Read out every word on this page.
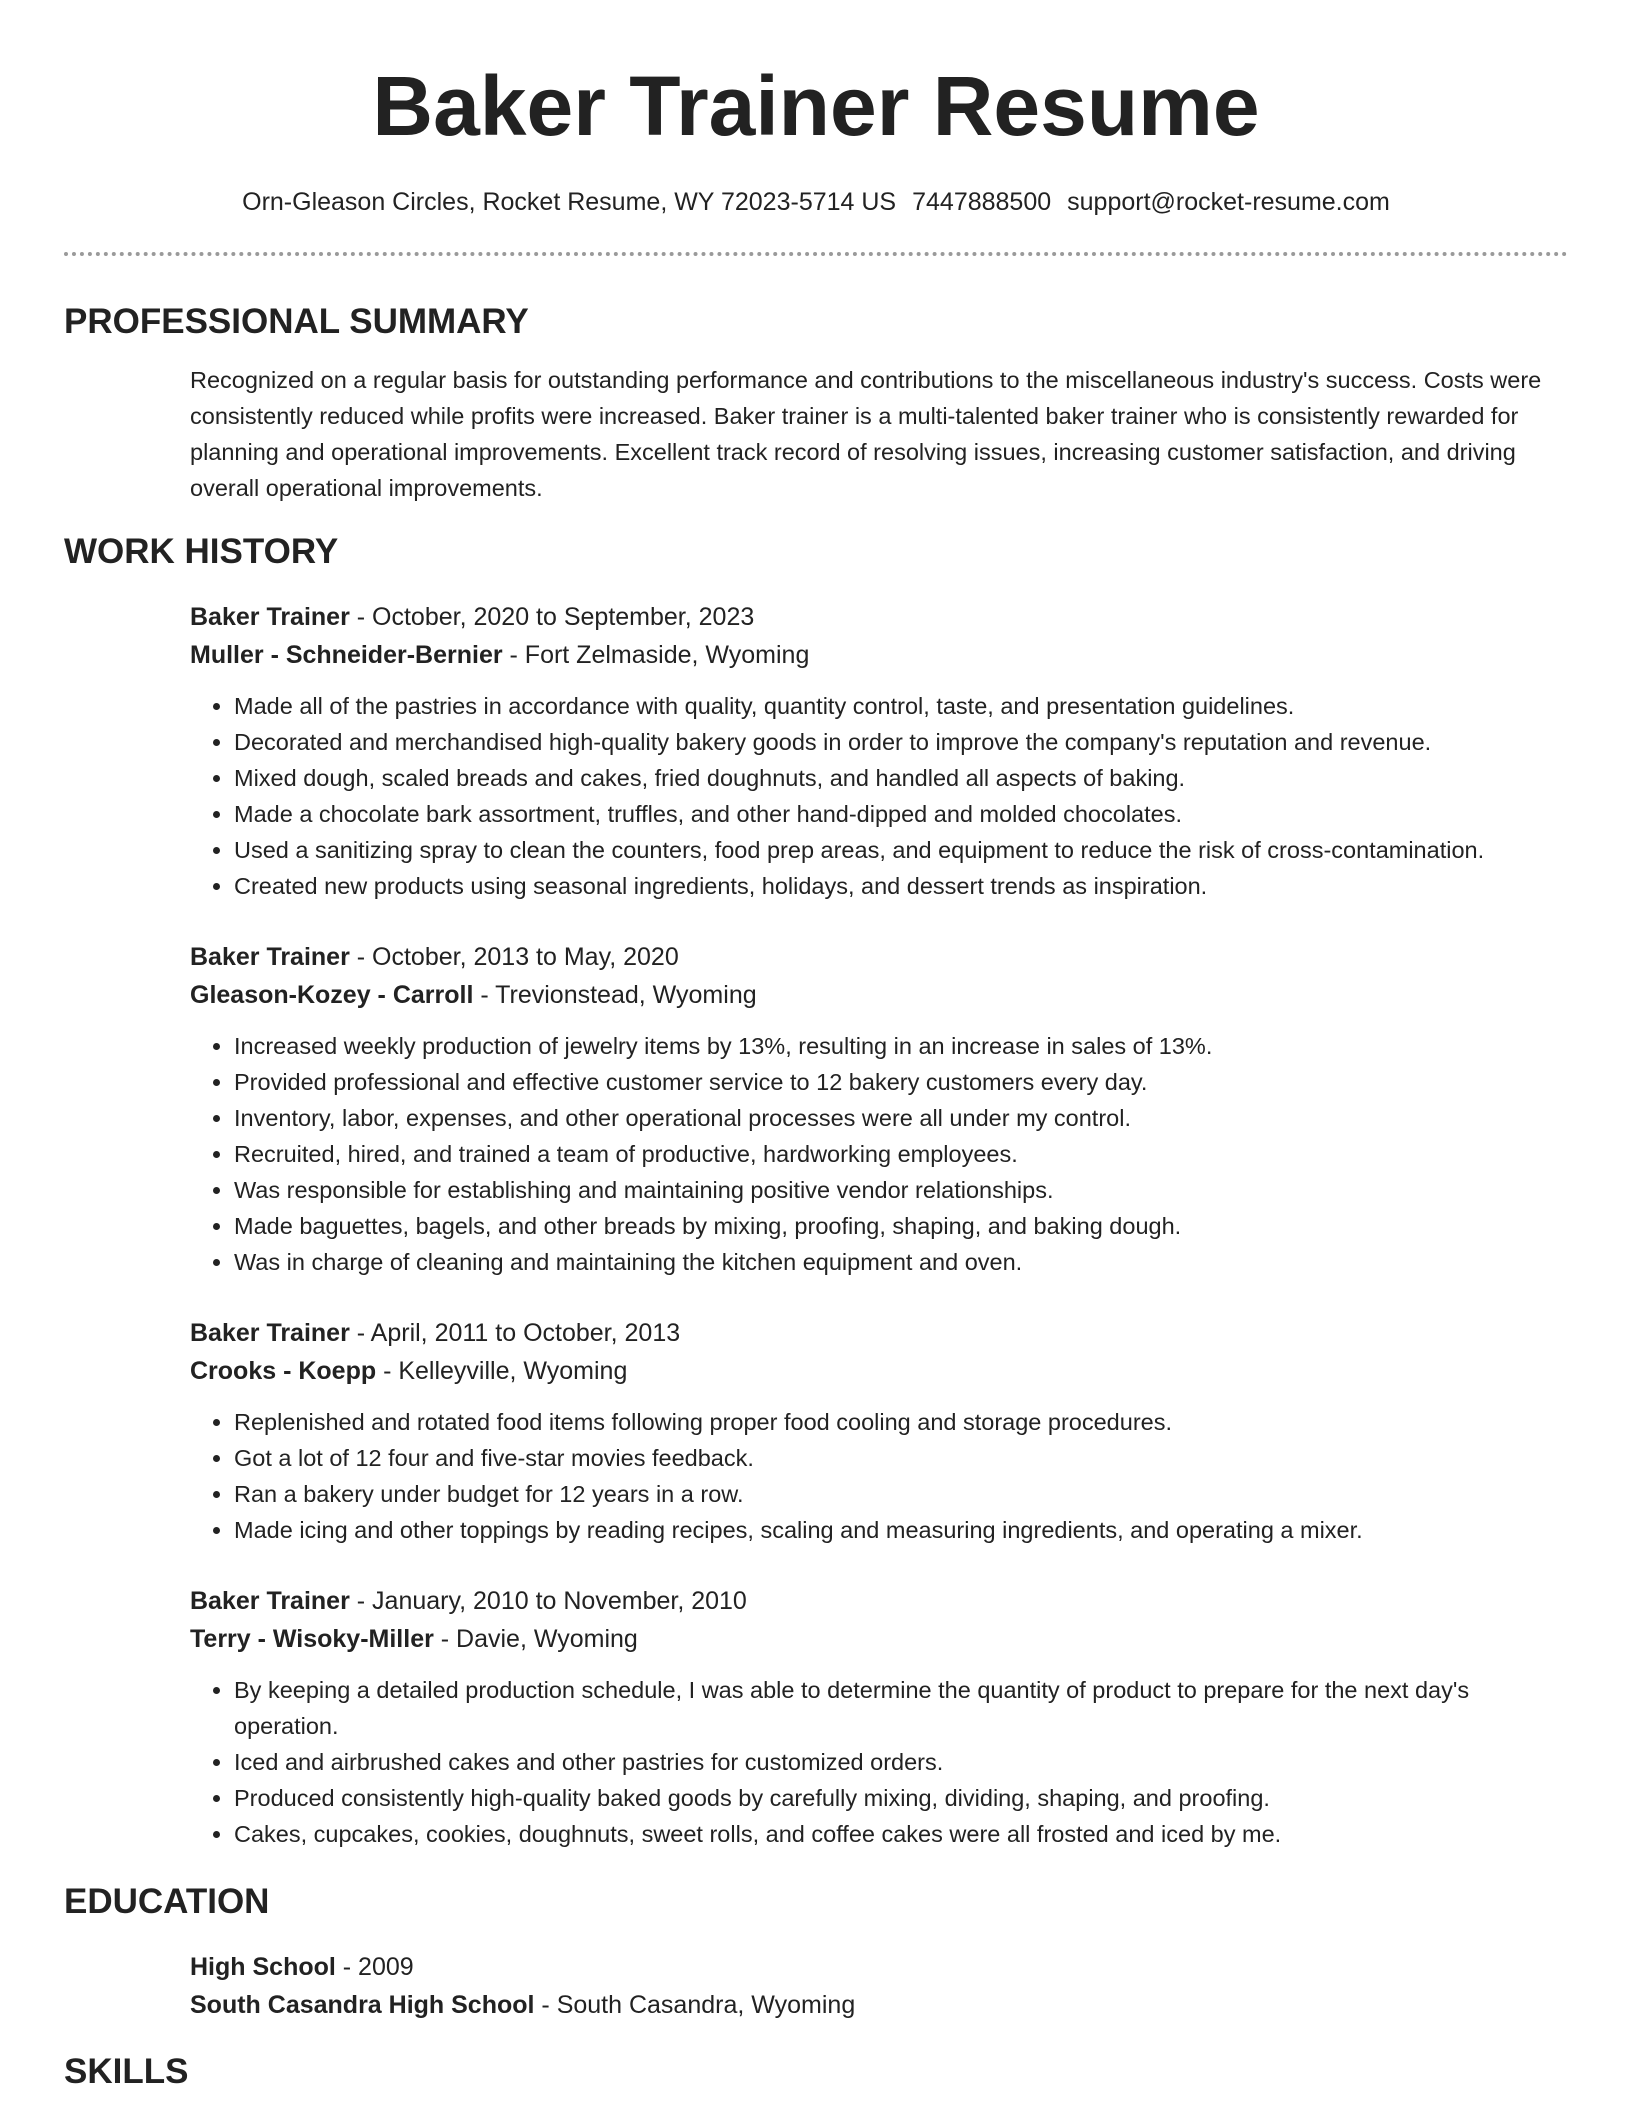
Baker Trainer Resume
Orn-Gleason Circles, Rocket Resume, WY 72023-5714 US 7447888500 support@rocket-resume.com
PROFESSIONAL SUMMARY
Recognized on a regular basis for outstanding performance and contributions to the miscellaneous industry's success. Costs were consistently reduced while profits were increased. Baker trainer is a multi-talented baker trainer who is consistently rewarded for planning and operational improvements. Excellent track record of resolving issues, increasing customer satisfaction, and driving overall operational improvements.
WORK HISTORY
Baker Trainer - October, 2020 to September, 2023
Muller - Schneider-Bernier - Fort Zelmaside, Wyoming
• Made all of the pastries in accordance with quality, quantity control, taste, and presentation guidelines.
• Decorated and merchandised high-quality bakery goods in order to improve the company's reputation and revenue.
• Mixed dough, scaled breads and cakes, fried doughnuts, and handled all aspects of baking.
• Made a chocolate bark assortment, truffles, and other hand-dipped and molded chocolates.
• Used a sanitizing spray to clean the counters, food prep areas, and equipment to reduce the risk of cross-contamination.
• Created new products using seasonal ingredients, holidays, and dessert trends as inspiration.
Baker Trainer - October, 2013 to May, 2020
Gleason-Kozey - Carroll - Trevionstead, Wyoming
• Increased weekly production of jewelry items by 13%, resulting in an increase in sales of 13%.
• Provided professional and effective customer service to 12 bakery customers every day.
• Inventory, labor, expenses, and other operational processes were all under my control.
• Recruited, hired, and trained a team of productive, hardworking employees.
• Was responsible for establishing and maintaining positive vendor relationships.
• Made baguettes, bagels, and other breads by mixing, proofing, shaping, and baking dough.
• Was in charge of cleaning and maintaining the kitchen equipment and oven.
Baker Trainer - April, 2011 to October, 2013
Crooks - Koepp - Kelleyville, Wyoming
• Replenished and rotated food items following proper food cooling and storage procedures.
• Got a lot of 12 four and five-star movies feedback.
• Ran a bakery under budget for 12 years in a row.
• Made icing and other toppings by reading recipes, scaling and measuring ingredients, and operating a mixer.
Baker Trainer - January, 2010 to November, 2010
Terry - Wisoky-Miller - Davie, Wyoming
• By keeping a detailed production schedule, I was able to determine the quantity of product to prepare for the next day's operation.
• Iced and airbrushed cakes and other pastries for customized orders.
• Produced consistently high-quality baked goods by carefully mixing, dividing, shaping, and proofing.
• Cakes, cupcakes, cookies, doughnuts, sweet rolls, and coffee cakes were all frosted and iced by me.
EDUCATION
High School - 2009
South Casandra High School - South Casandra, Wyoming
SKILLS
